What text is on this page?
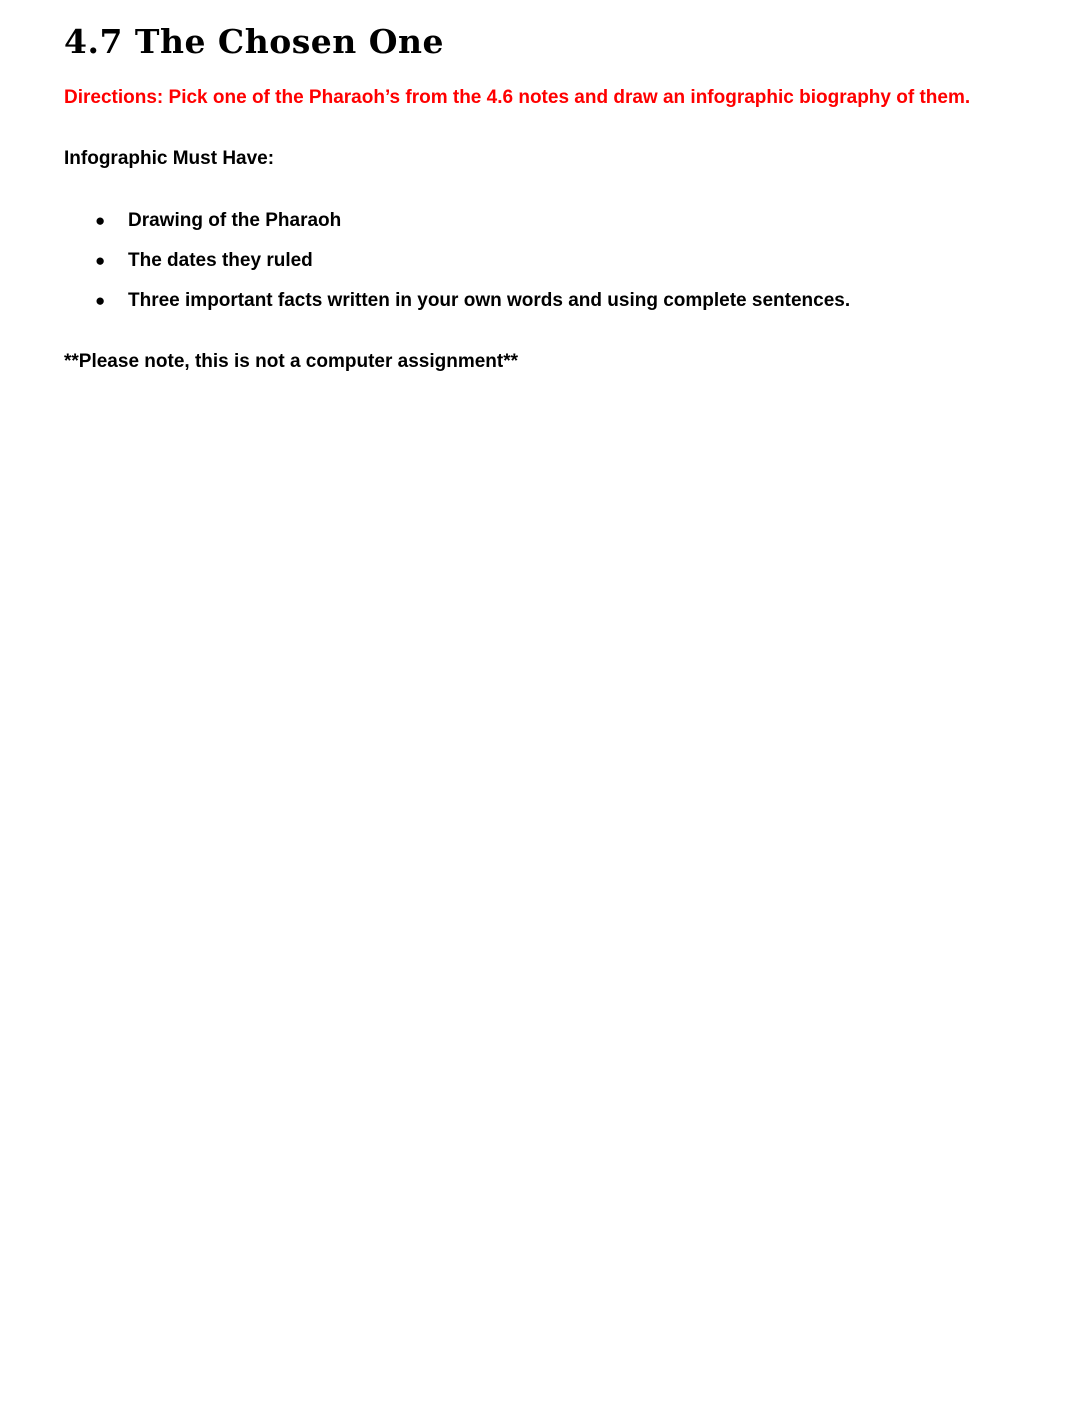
4.7 The Chosen One

Directions: Pick one of the Pharaoh’s from the 4.6 notes and draw an infographic biography of them.

Infographic Must Have:

● Drawing of the Pharaoh
● The dates they ruled
● Three important facts written in your own words and using complete sentences.

**Please note, this is not a computer assignment**
